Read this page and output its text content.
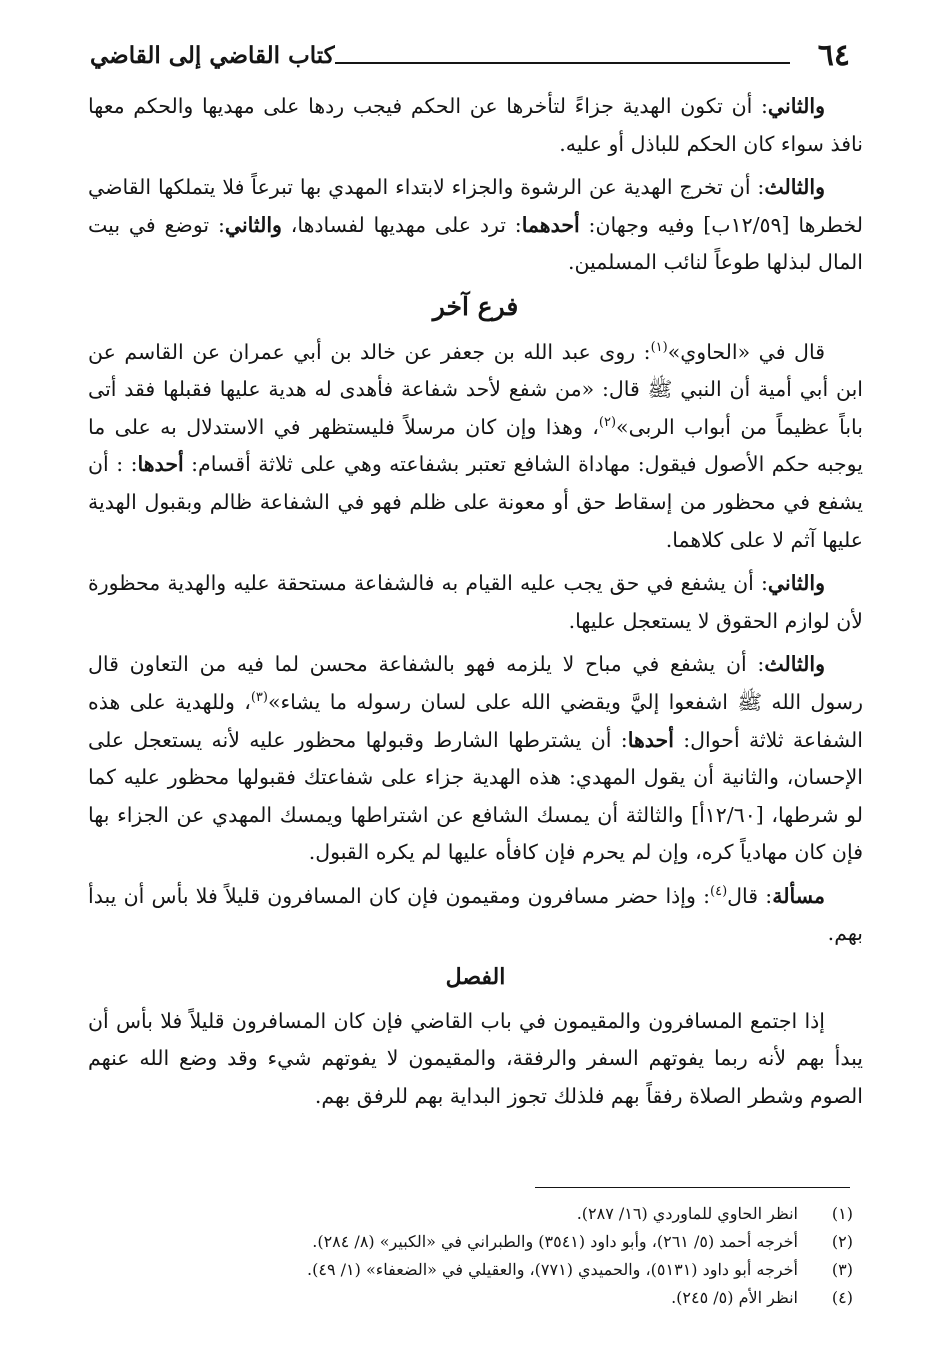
٦٤
كتاب القاضي إلى القاضي

والثاني: أن تكون الهدية جزاءً لتأخرها عن الحكم فيجب ردها على مهديها والحكم معها نافذ سواء كان الحكم للباذل أو عليه.

والثالث: أن تخرج الهدية عن الرشوة والجزاء لابتداء المهدي بها تبرعاً فلا يتملكها القاضي لخطرها [١٢/٥٩ب] وفيه وجهان: أحدهما: ترد على مهديها لفسادها، والثاني: توضع في بيت المال لبذلها طوعاً لنائب المسلمين.

فرع آخر

قال في «الحاوي»$^{(١)}$: روى عبد الله بن جعفر عن خالد بن أبي عمران عن القاسم عن ابن أبي أمية أن النبي ﷺ قال: «من شفع لأحد شفاعة فأهدى له هدية عليها فقبلها فقد أتى باباً عظيماً من أبواب الربى»$^{(٢)}$، وهذا وإن كان مرسلاً فليستظهر في الاستدلال به على ما يوجبه حكم الأصول فيقول: مهاداة الشافع تعتبر بشفاعته وهي على ثلاثة أقسام: أحدها: : أن يشفع في محظور من إسقاط حق أو معونة على ظلم فهو في الشفاعة ظالم وبقبول الهدية عليها آثم لا على كلاهما.

والثاني: أن يشفع في حق يجب عليه القيام به فالشفاعة مستحقة عليه والهدية محظورة لأن لوازم الحقوق لا يستعجل عليها.

والثالث: أن يشفع في مباح لا يلزمه فهو بالشفاعة محسن لما فيه من التعاون قال رسول الله ﷺ اشفعوا إليَّ ويقضي الله على لسان رسوله ما يشاء»$^{(٣)}$، وللهدية على هذه الشفاعة ثلاثة أحوال: أحدها: أن يشترطها الشارط وقبولها محظور عليه لأنه يستعجل على الإحسان، والثانية أن يقول المهدي: هذه الهدية جزاء على شفاعتك فقبولها محظور عليه كما لو شرطها، [١٢/٦٠أ] والثالثة أن يمسك الشافع عن اشتراطها ويمسك المهدي عن الجزاء بها فإن كان مهادياً كره، وإن لم يحرم فإن كافأه عليها لم يكره القبول.

مسألة: قال$^{(٤)}$: وإذا حضر مسافرون ومقيمون فإن كان المسافرون قليلاً فلا بأس أن يبدأ بهم.

الفصل

إذا اجتمع المسافرون والمقيمون في باب القاضي فإن كان المسافرون قليلاً فلا بأس أن يبدأ بهم لأنه ربما يفوتهم السفر والرفقة، والمقيمون لا يفوتهم شيء وقد وضع الله عنهم الصوم وشطر الصلاة رفقاً بهم فلذلك تجوز البداية بهم للرفق بهم.

(١)
انظر الحاوي للماوردي (١٦/ ٢٨٧).
(٢)
أخرجه أحمد (٥/ ٢٦١)، وأبو داود (٣٥٤١) والطبراني في «الكبير» (٨/ ٢٨٤).
(٣)
أخرجه أبو داود (٥١٣١)، والحميدي (٧٧١)، والعقيلي في «الضعفاء» (١/ ٤٩).
(٤)
انظر الأم (٥/ ٢٤٥).
